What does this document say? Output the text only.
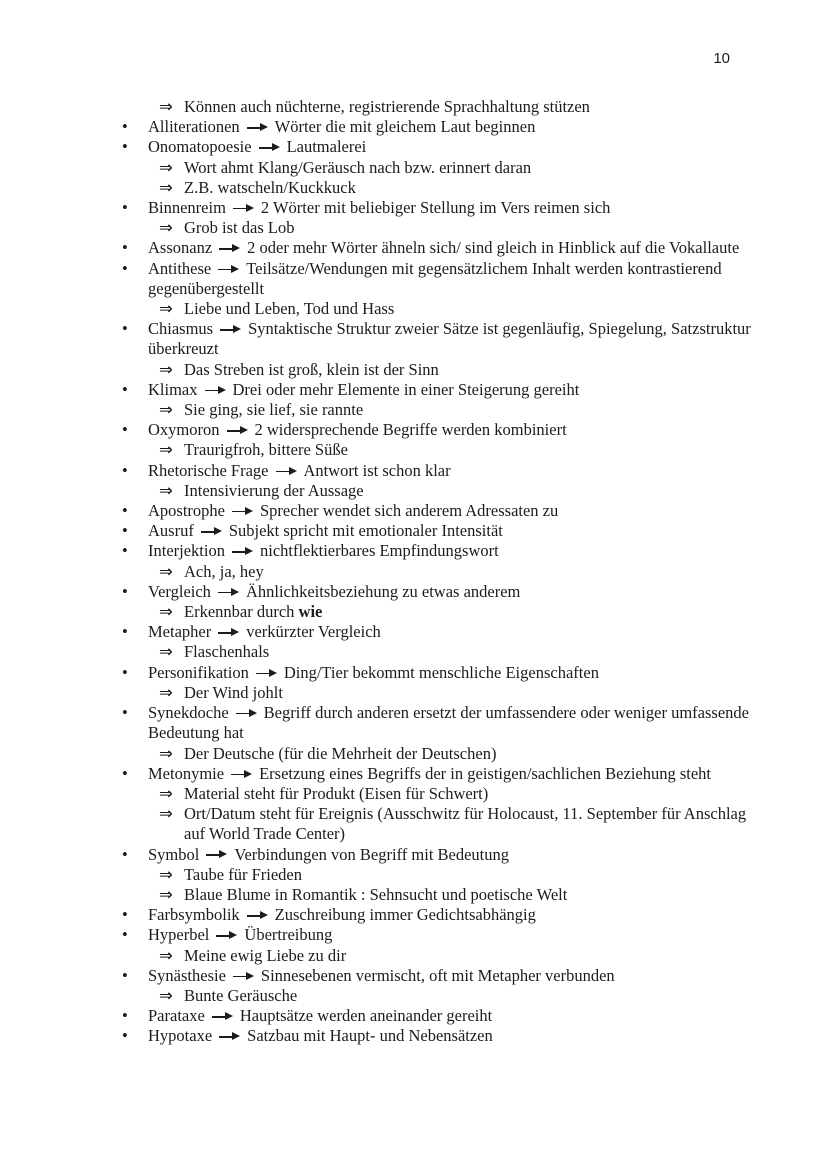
10
⇒ Können auch nüchterne, registrierende Sprachhaltung stützen
• Alliterationen Wörter die mit gleichem Laut beginnen
• Onomatopoesie Lautmalerei
⇒ Wort ahmt Klang/Geräusch nach bzw. erinnert daran
⇒ Z.B. watscheln/Kuckkuck
• Binnenreim 2 Wörter mit beliebiger Stellung im Vers reimen sich
⇒ Grob ist das Lob
• Assonanz 2 oder mehr Wörter ähneln sich/ sind gleich in Hinblick auf die Vokallaute
• Antithese Teilsätze/Wendungen mit gegensätzlichem Inhalt werden kontrastierend gegenübergestellt
⇒ Liebe und Leben, Tod und Hass
• Chiasmus Syntaktische Struktur zweier Sätze ist gegenläufig, Spiegelung, Satzstruktur überkreuzt
⇒ Das Streben ist groß, klein ist der Sinn
• Klimax Drei oder mehr Elemente in einer Steigerung gereiht
⇒ Sie ging, sie lief, sie rannte
• Oxymoron 2 widersprechende Begriffe werden kombiniert
⇒ Traurigfroh, bittere Süße
• Rhetorische Frage Antwort ist schon klar
⇒ Intensivierung der Aussage
• Apostrophe Sprecher wendet sich anderem Adressaten zu
• Ausruf Subjekt spricht mit emotionaler Intensität
• Interjektion nichtflektierbares Empfindungswort
⇒ Ach, ja, hey
• Vergleich Ähnlichkeitsbeziehung zu etwas anderem
⇒ Erkennbar durch wie
• Metapher verkürzter Vergleich
⇒ Flaschenhals
• Personifikation Ding/Tier bekommt menschliche Eigenschaften
⇒ Der Wind johlt
• Synekdoche Begriff durch anderen ersetzt der umfassendere oder weniger umfassende Bedeutung hat
⇒ Der Deutsche (für die Mehrheit der Deutschen)
• Metonymie Ersetzung eines Begriffs der in geistigen/sachlichen Beziehung steht
⇒ Material steht für Produkt (Eisen für Schwert)
⇒ Ort/Datum steht für Ereignis (Ausschwitz für Holocaust, 11. September für Anschlag auf World Trade Center)
• Symbol Verbindungen von Begriff mit Bedeutung
⇒ Taube für Frieden
⇒ Blaue Blume in Romantik : Sehnsucht und poetische Welt
• Farbsymbolik Zuschreibung immer Gedichtsabhängig
• Hyperbel Übertreibung
⇒ Meine ewig Liebe zu dir
• Synästhesie Sinnesebenen vermischt, oft mit Metapher verbunden
⇒ Bunte Geräusche
• Parataxe Hauptsätze werden aneinander gereiht
• Hypotaxe Satzbau mit Haupt- und Nebensätzen
